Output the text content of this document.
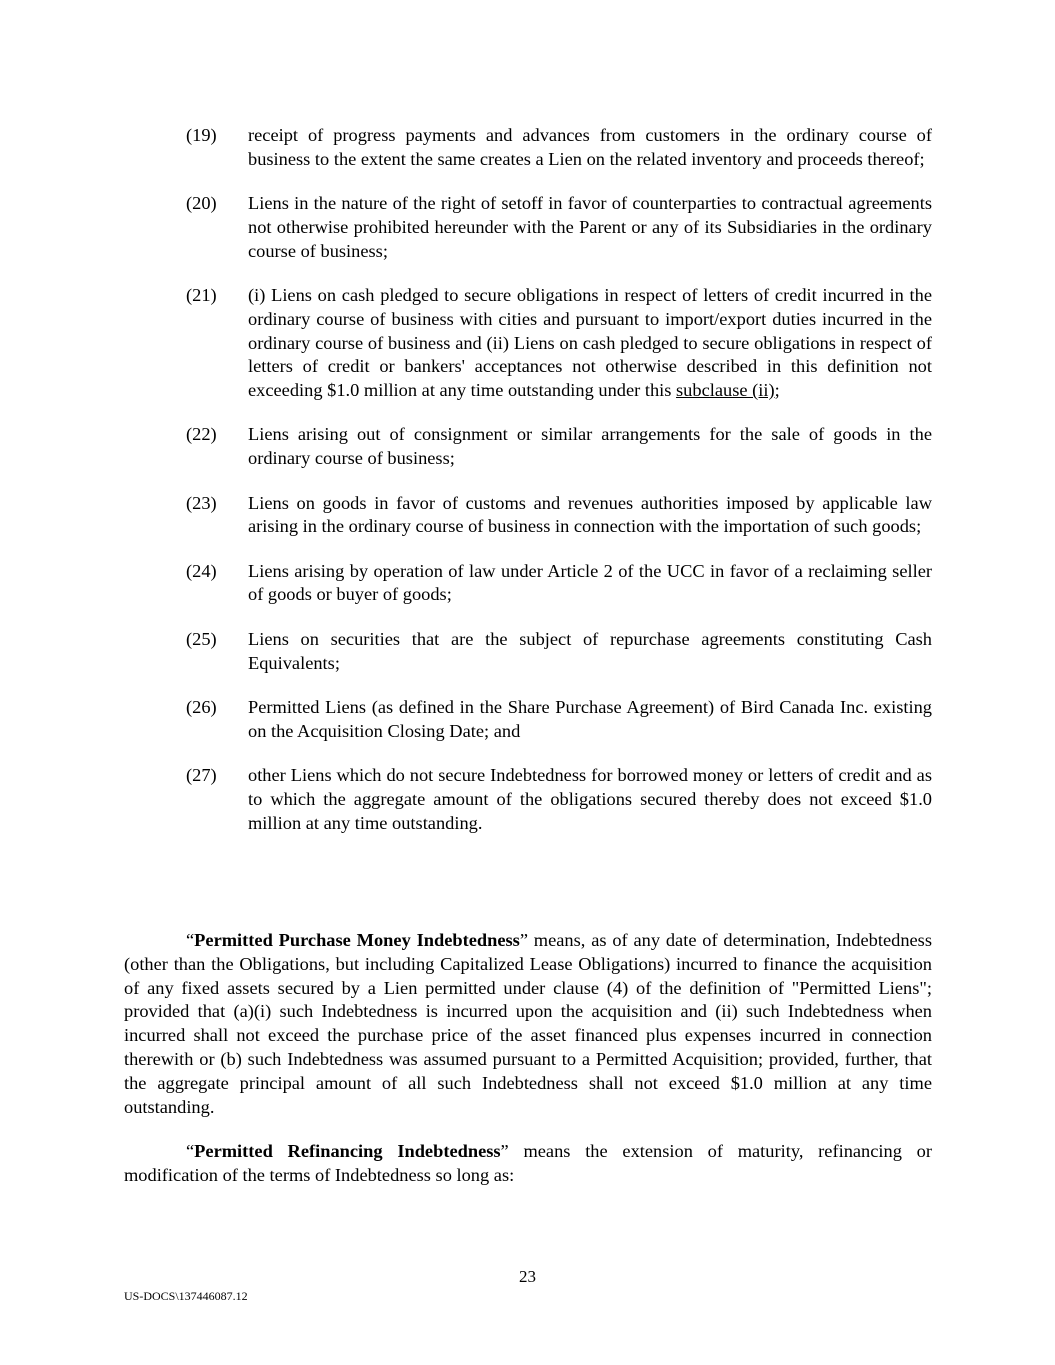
(19)	receipt of progress payments and advances from customers in the ordinary course of business to the extent the same creates a Lien on the related inventory and proceeds thereof;
(20)	Liens in the nature of the right of setoff in favor of counterparties to contractual agreements not otherwise prohibited hereunder with the Parent or any of its Subsidiaries in the ordinary course of business;
(21)	(i) Liens on cash pledged to secure obligations in respect of letters of credit incurred in the ordinary course of business with cities and pursuant to import/export duties incurred in the ordinary course of business and (ii) Liens on cash pledged to secure obligations in respect of letters of credit or bankers' acceptances not otherwise described in this definition not exceeding $1.0 million at any time outstanding under this subclause (ii);
(22)	Liens arising out of consignment or similar arrangements for the sale of goods in the ordinary course of business;
(23)	Liens on goods in favor of customs and revenues authorities imposed by applicable law arising in the ordinary course of business in connection with the importation of such goods;
(24)	Liens arising by operation of law under Article 2 of the UCC in favor of a reclaiming seller of goods or buyer of goods;
(25)	Liens on securities that are the subject of repurchase agreements constituting Cash Equivalents;
(26)	Permitted Liens (as defined in the Share Purchase Agreement) of Bird Canada Inc. existing on the Acquisition Closing Date; and
(27)	other Liens which do not secure Indebtedness for borrowed money or letters of credit and as to which the aggregate amount of the obligations secured thereby does not exceed $1.0 million at any time outstanding.

“Permitted Purchase Money Indebtedness” means, as of any date of determination, Indebtedness (other than the Obligations, but including Capitalized Lease Obligations) incurred to finance the acquisition of any fixed assets secured by a Lien permitted under clause (4) of the definition of "Permitted Liens"; provided that (a)(i) such Indebtedness is incurred upon the acquisition and (ii) such Indebtedness when incurred shall not exceed the purchase price of the asset financed plus expenses incurred in connection therewith or (b) such Indebtedness was assumed pursuant to a Permitted Acquisition; provided, further, that the aggregate principal amount of all such Indebtedness shall not exceed $1.0 million at any time outstanding.

“Permitted Refinancing Indebtedness” means the extension of maturity, refinancing or modification of the terms of Indebtedness so long as:

23
US-DOCS\137446087.12
